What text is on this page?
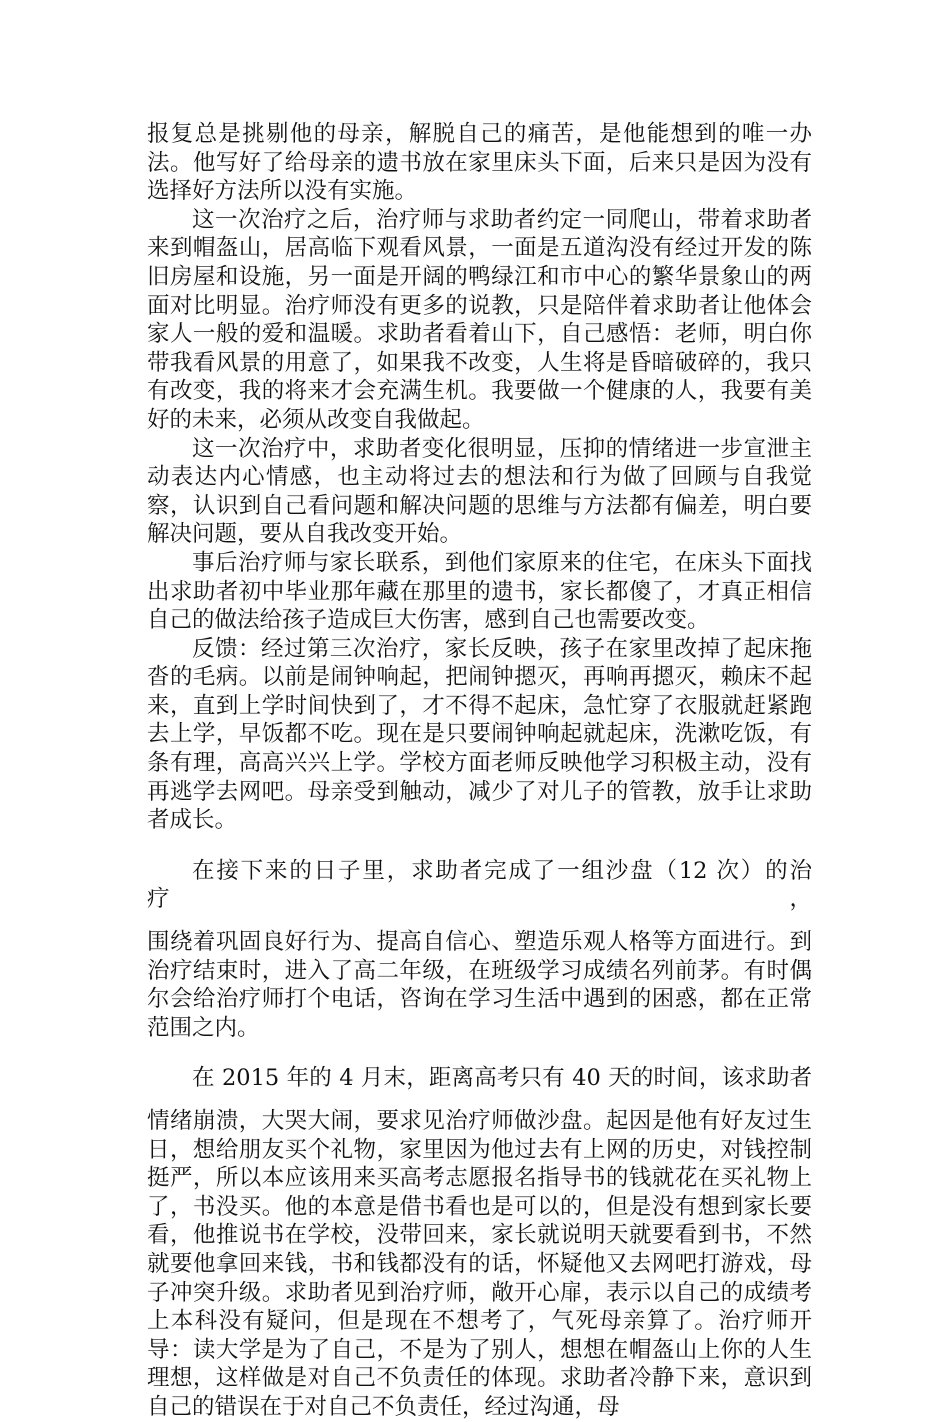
报复总是挑剔他的母亲，解脱自己的痛苦，是他能想到的唯一办法。他写好了给母亲的遗书放在家里床头下面，后来只是因为没有选择好方法所以没有实施。

这一次治疗之后，治疗师与求助者约定一同爬山，带着求助者来到帽盔山，居高临下观看风景，一面是五道沟没有经过开发的陈旧房屋和设施，另一面是开阔的鸭绿江和市中心的繁华景象山的两面对比明显。治疗师没有更多的说教，只是陪伴着求助者让他体会家人一般的爱和温暖。求助者看着山下，自己感悟：老师，明白你带我看风景的用意了，如果我不改变，人生将是昏暗破碎的，我只有改变，我的将来才会充满生机。我要做一个健康的人，我要有美好的未来，必须从改变自我做起。

这一次治疗中，求助者变化很明显，压抑的情绪进一步宣泄主动表达内心情感，也主动将过去的想法和行为做了回顾与自我觉察，认识到自己看问题和解决问题的思维与方法都有偏差，明白要解决问题，要从自我改变开始。

事后治疗师与家长联系，到他们家原来的住宅，在床头下面找出求助者初中毕业那年藏在那里的遗书，家长都傻了，才真正相信自己的做法给孩子造成巨大伤害，感到自己也需要改变。

反馈：经过第三次治疗，家长反映，孩子在家里改掉了起床拖沓的毛病。以前是闹钟响起，把闹钟摁灭，再响再摁灭，赖床不起来，直到上学时间快到了，才不得不起床，急忙穿了衣服就赶紧跑去上学，早饭都不吃。现在是只要闹钟响起就起床，洗漱吃饭，有条有理，高高兴兴上学。学校方面老师反映他学习积极主动，没有再逃学去网吧。母亲受到触动，减少了对儿子的管教，放手让求助者成长。

在接下来的日子里，求助者完成了一组沙盘（12 次）的治疗，

围绕着巩固良好行为、提高自信心、塑造乐观人格等方面进行。到治疗结束时，进入了高二年级，在班级学习成绩名列前茅。有时偶尔会给治疗师打个电话，咨询在学习生活中遇到的困惑，都在正常范围之内。

在 2015 年的 4 月末，距离高考只有 40 天的时间，该求助者

情绪崩溃，大哭大闹，要求见治疗师做沙盘。起因是他有好友过生日，想给朋友买个礼物，家里因为他过去有上网的历史，对钱控制挺严，所以本应该用来买高考志愿报名指导书的钱就花在买礼物上了，书没买。他的本意是借书看也是可以的，但是没有想到家长要看，他推说书在学校，没带回来，家长就说明天就要看到书，不然就要他拿回来钱，书和钱都没有的话，怀疑他又去网吧打游戏，母子冲突升级。求助者见到治疗师，敞开心扉，表示以自己的成绩考上本科没有疑问，但是现在不想考了，气死母亲算了。治疗师开导：读大学是为了自己，不是为了别人，想想在帽盔山上你的人生理想，这样做是对自己不负责任的体现。求助者冷静下来，意识到自己的错误在于对自己不负责任，经过沟通，母
